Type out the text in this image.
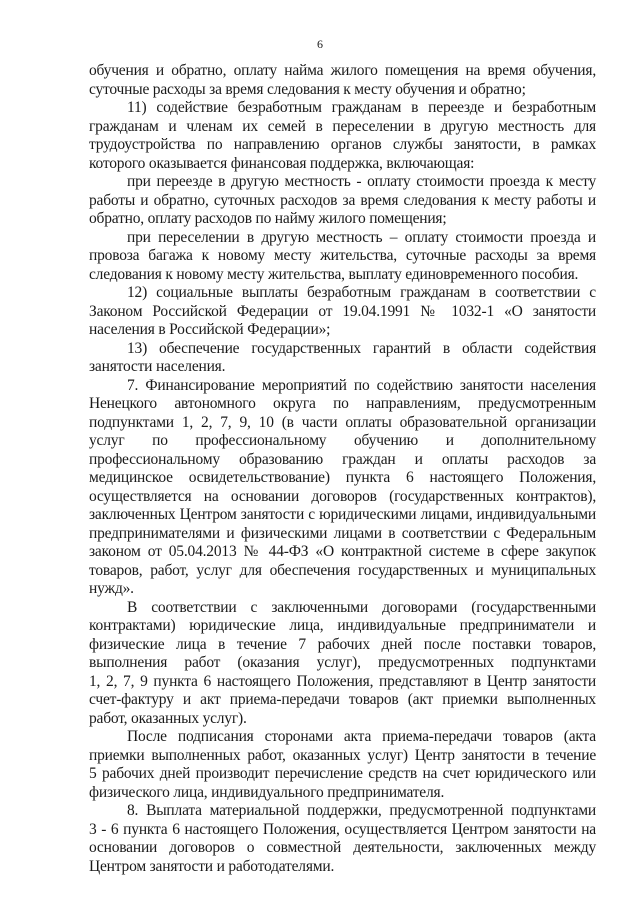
6
обучения и обратно, оплату найма жилого помещения на время обучения,
суточные расходы за время следования к месту обучения и обратно;
11) содействие безработным гражданам в переезде и безработным
гражданам и членам их семей в переселении в другую местность для
трудоустройства по направлению органов службы занятости, в рамках
которого оказывается финансовая поддержка, включающая:
при переезде в другую местность - оплату стоимости проезда к месту
работы и обратно, суточных расходов за время следования к месту работы и
обратно, оплату расходов по найму жилого помещения;
при переселении в другую местность – оплату стоимости проезда и
провоза багажа к новому месту жительства, суточные расходы за время
следования к новому месту жительства, выплату единовременного пособия.
12) социальные выплаты безработным гражданам в соответствии с
Законом Российской Федерации от 19.04.1991 № 1032-1 «О занятости
населения в Российской Федерации»;
13) обеспечение государственных гарантий в области содействия
занятости населения.
7. Финансирование мероприятий по содействию занятости населения
Ненецкого автономного округа по направлениям, предусмотренным
подпунктами 1, 2, 7, 9, 10 (в части оплаты образовательной организации
услуг по профессиональному обучению и дополнительному
профессиональному образованию граждан и оплаты расходов за
медицинское освидетельствование) пункта 6 настоящего Положения,
осуществляется на основании договоров (государственных контрактов),
заключенных Центром занятости с юридическими лицами, индивидуальными
предпринимателями и физическими лицами в соответствии с Федеральным
законом от 05.04.2013 № 44-ФЗ «О контрактной системе в сфере закупок
товаров, работ, услуг для обеспечения государственных и муниципальных
нужд».
В соответствии с заключенными договорами (государственными
контрактами) юридические лица, индивидуальные предприниматели и
физические лица в течение 7 рабочих дней после поставки товаров,
выполнения работ (оказания услуг), предусмотренных подпунктами
1, 2, 7, 9 пункта 6 настоящего Положения, представляют в Центр занятости
счет-фактуру и акт приема-передачи товаров (акт приемки выполненных
работ, оказанных услуг).
После подписания сторонами акта приема-передачи товаров (акта
приемки выполненных работ, оказанных услуг) Центр занятости в течение
5 рабочих дней производит перечисление средств на счет юридического или
физического лица, индивидуального предпринимателя.
8. Выплата материальной поддержки, предусмотренной подпунктами
3 - 6 пункта 6 настоящего Положения, осуществляется Центром занятости на
основании договоров о совместной деятельности, заключенных между
Центром занятости и работодателями.
